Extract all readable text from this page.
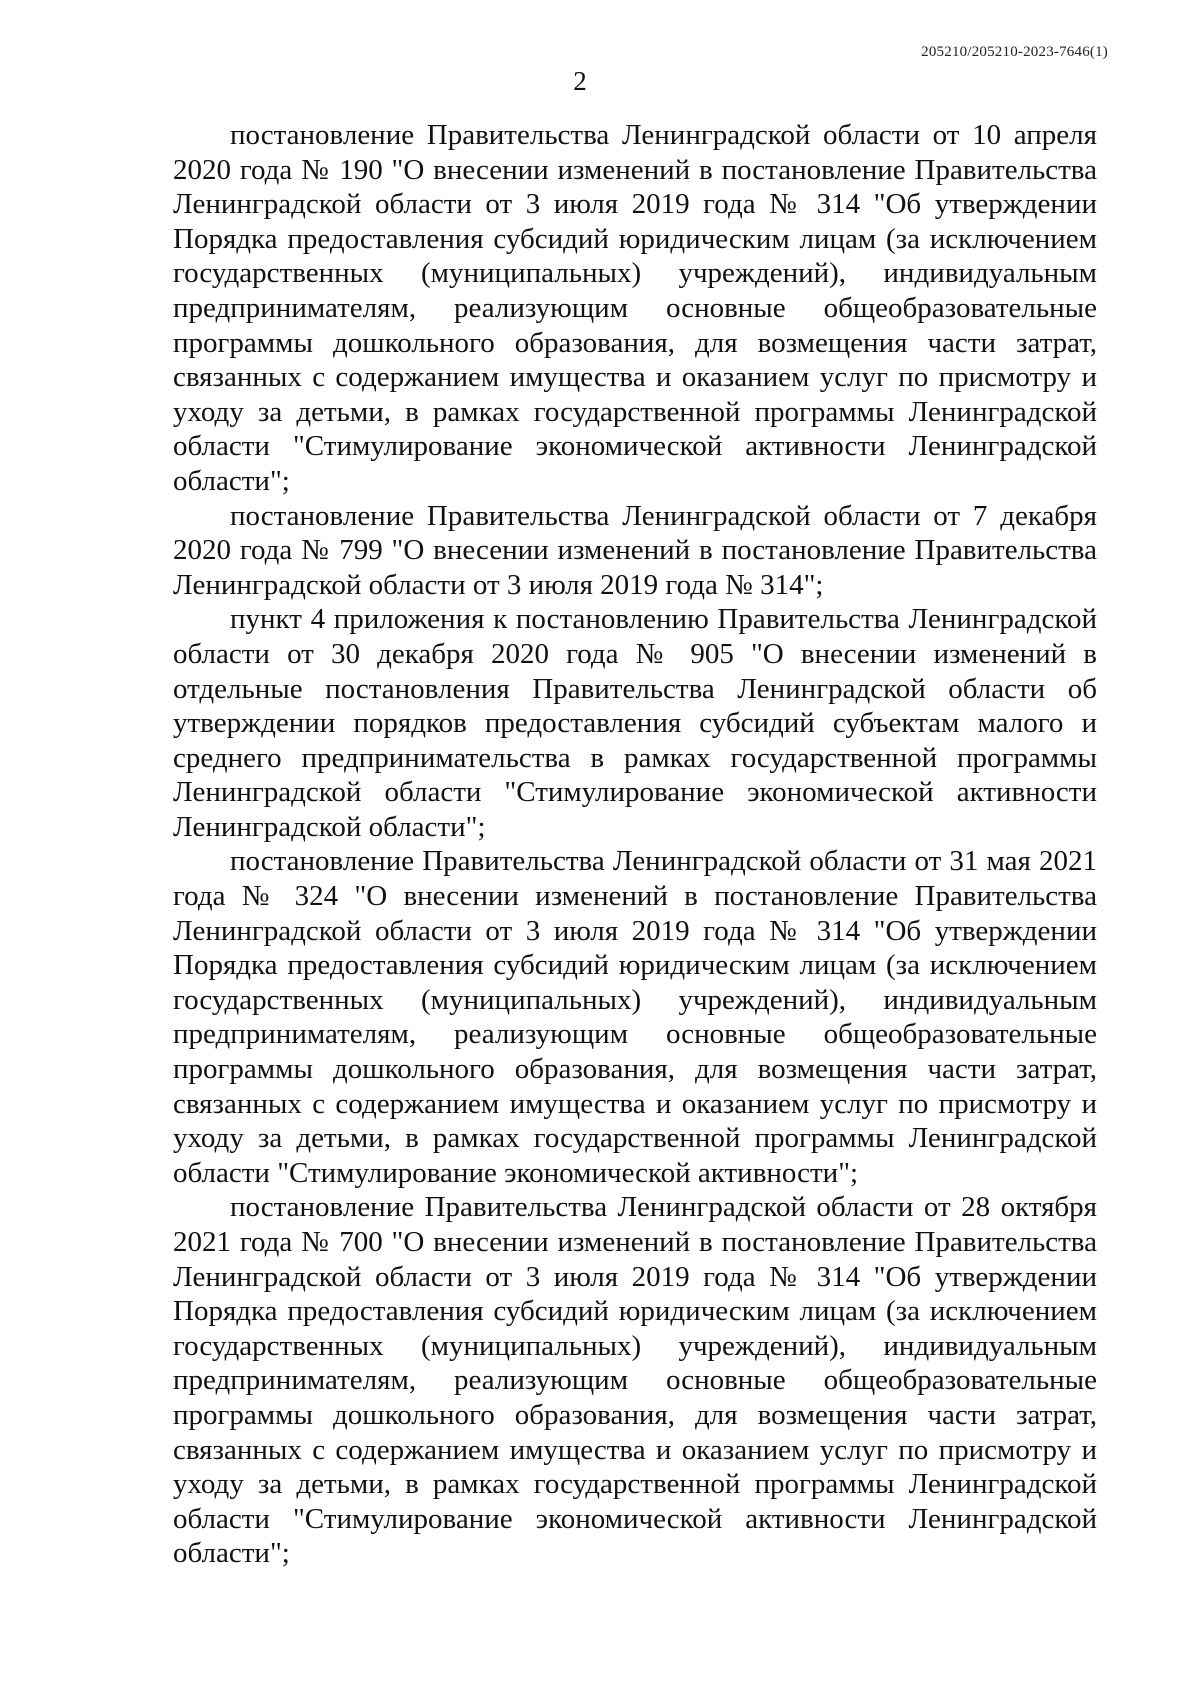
205210/205210-2023-7646(1)
2

постановление Правительства Ленинградской области от 10 апреля 2020 года № 190 "О внесении изменений в постановление Правительства Ленинградской области от 3 июля 2019 года № 314 "Об утверждении Порядка предоставления субсидий юридическим лицам (за исключением государственных (муниципальных) учреждений), индивидуальным предпринимателям, реализующим основные общеобразовательные программы дошкольного образования, для возмещения части затрат, связанных с содержанием имущества и оказанием услуг по присмотру и уходу за детьми, в рамках государственной программы Ленинградской области "Стимулирование экономической активности Ленинградской области";

постановление Правительства Ленинградской области от 7 декабря 2020 года № 799 "О внесении изменений в постановление Правительства Ленинградской области от 3 июля 2019 года № 314";

пункт 4 приложения к постановлению Правительства Ленинградской области от 30 декабря 2020 года № 905 "О внесении изменений в отдельные постановления Правительства Ленинградской области об утверждении порядков предоставления субсидий субъектам малого и среднего предпринимательства в рамках государственной программы Ленинградской области "Стимулирование экономической активности Ленинградской области";

постановление Правительства Ленинградской области от 31 мая 2021 года № 324 "О внесении изменений в постановление Правительства Ленинградской области от 3 июля 2019 года № 314 "Об утверждении Порядка предоставления субсидий юридическим лицам (за исключением государственных (муниципальных) учреждений), индивидуальным предпринимателям, реализующим основные общеобразовательные программы дошкольного образования, для возмещения части затрат, связанных с содержанием имущества и оказанием услуг по присмотру и уходу за детьми, в рамках государственной программы Ленинградской области "Стимулирование экономической активности";

постановление Правительства Ленинградской области от 28 октября 2021 года № 700 "О внесении изменений в постановление Правительства Ленинградской области от 3 июля 2019 года № 314 "Об утверждении Порядка предоставления субсидий юридическим лицам (за исключением государственных (муниципальных) учреждений), индивидуальным предпринимателям, реализующим основные общеобразовательные программы дошкольного образования, для возмещения части затрат, связанных с содержанием имущества и оказанием услуг по присмотру и уходу за детьми, в рамках государственной программы Ленинградской области "Стимулирование экономической активности Ленинградской области";
